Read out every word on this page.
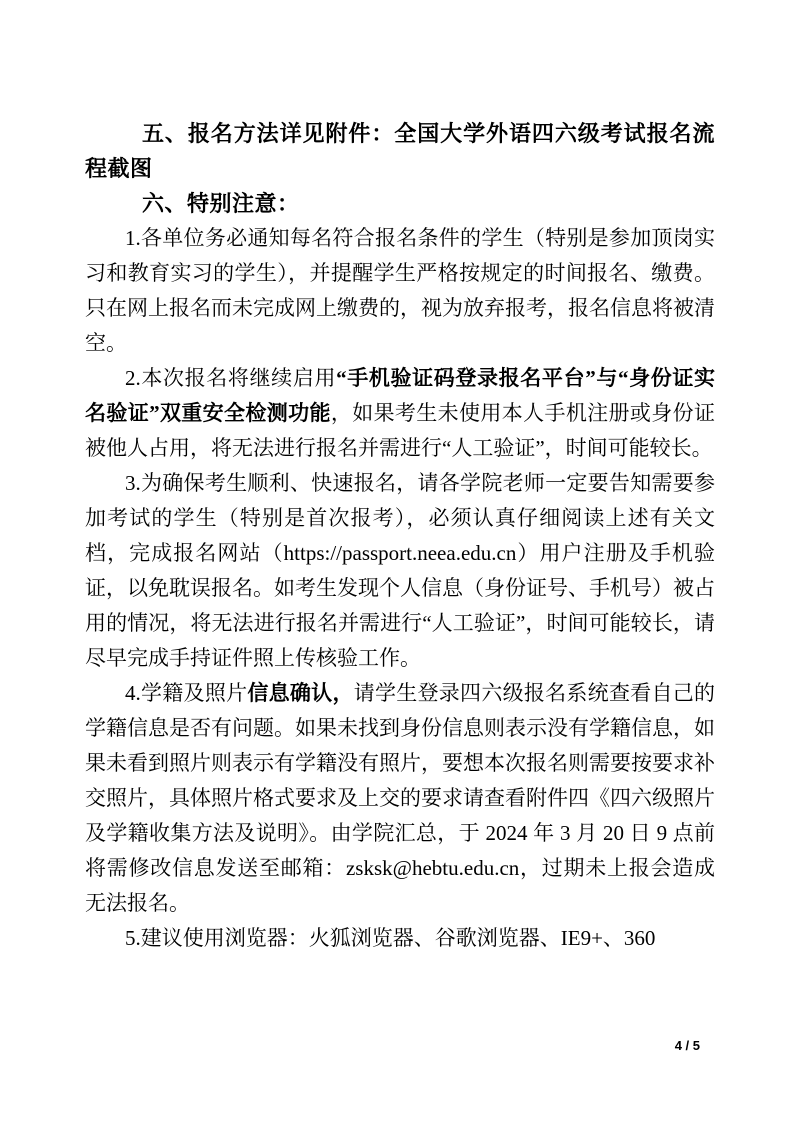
五、报名方法详见附件：全国大学外语四六级考试报名流程截图

六、特别注意：

1.各单位务必通知每名符合报名条件的学生（特别是参加顶岗实习和教育实习的学生），并提醒学生严格按规定的时间报名、缴费。只在网上报名而未完成网上缴费的，视为放弃报考，报名信息将被清空。

2.本次报名将继续启用“手机验证码登录报名平台”与“身份证实名验证”双重安全检测功能，如果考生未使用本人手机注册或身份证被他人占用，将无法进行报名并需进行“人工验证”，时间可能较长。

3.为确保考生顺利、快速报名，请各学院老师一定要告知需要参加考试的学生（特别是首次报考），必须认真仔细阅读上述有关文档，完成报名网站（https://passport.neea.edu.cn）用户注册及手机验证，以免耽误报名。如考生发现个人信息（身份证号、手机号）被占用的情况，将无法进行报名并需进行“人工验证”，时间可能较长，请尽早完成手持证件照上传核验工作。

4.学籍及照片信息确认，请学生登录四六级报名系统查看自己的学籍信息是否有问题。如果未找到身份信息则表示没有学籍信息，如果未看到照片则表示有学籍没有照片，要想本次报名则需要按要求补交照片，具体照片格式要求及上交的要求请查看附件四《四六级照片及学籍收集方法及说明》。由学院汇总，于 2024 年 3 月 20 日 9 点前将需修改信息发送至邮箱：zsksk@hebtu.edu.cn，过期未上报会造成无法报名。

5.建议使用浏览器：火狐浏览器、谷歌浏览器、IE9+、360

4 / 5
